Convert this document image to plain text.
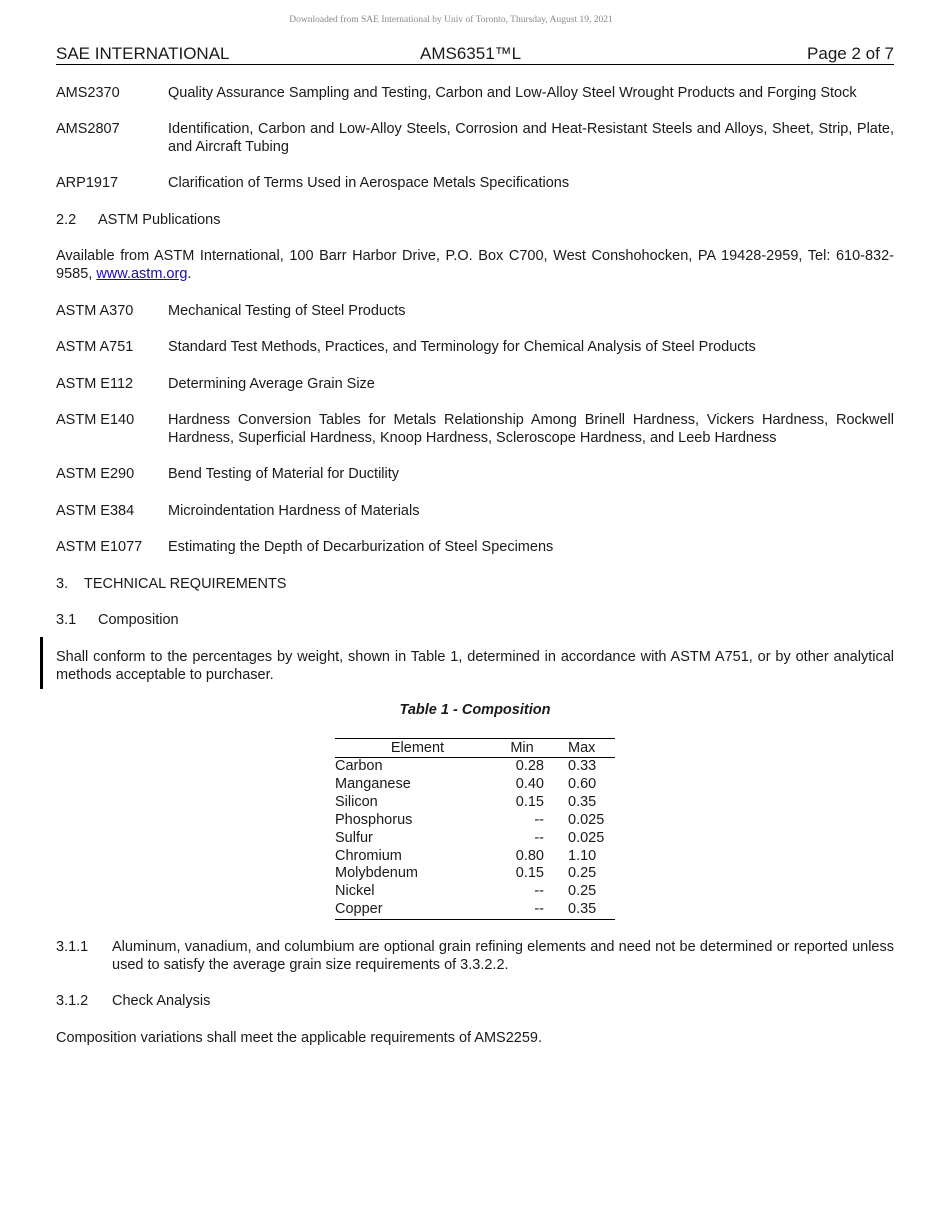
Downloaded from SAE International by Univ of Toronto, Thursday, August 19, 2021
SAE INTERNATIONAL	AMS6351™L	Page 2 of 7
AMS2370	Quality Assurance Sampling and Testing, Carbon and Low-Alloy Steel Wrought Products and Forging Stock
AMS2807	Identification, Carbon and Low-Alloy Steels, Corrosion and Heat-Resistant Steels and Alloys, Sheet, Strip, Plate, and Aircraft Tubing
ARP1917	Clarification of Terms Used in Aerospace Metals Specifications
2.2 ASTM Publications
Available from ASTM International, 100 Barr Harbor Drive, P.O. Box C700, West Conshohocken, PA 19428-2959, Tel: 610-832-9585, www.astm.org.
ASTM A370 Mechanical Testing of Steel Products
ASTM A751 Standard Test Methods, Practices, and Terminology for Chemical Analysis of Steel Products
ASTM E112 Determining Average Grain Size
ASTM E140 Hardness Conversion Tables for Metals Relationship Among Brinell Hardness, Vickers Hardness, Rockwell Hardness, Superficial Hardness, Knoop Hardness, Scleroscope Hardness, and Leeb Hardness
ASTM E290 Bend Testing of Material for Ductility
ASTM E384 Microindentation Hardness of Materials
ASTM E1077 Estimating the Depth of Decarburization of Steel Specimens
3. TECHNICAL REQUIREMENTS
3.1 Composition
Shall conform to the percentages by weight, shown in Table 1, determined in accordance with ASTM A751, or by other analytical methods acceptable to purchaser.
Table 1 - Composition
Element	Min	Max
Carbon	0.28	0.33
Manganese	0.40	0.60
Silicon	0.15	0.35
Phosphorus	--	0.025
Sulfur	--	0.025
Chromium	0.80	1.10
Molybdenum	0.15	0.25
Nickel	--	0.25
Copper	--	0.35
3.1.1 Aluminum, vanadium, and columbium are optional grain refining elements and need not be determined or reported unless used to satisfy the average grain size requirements of 3.3.2.2.
3.1.2 Check Analysis
Composition variations shall meet the applicable requirements of AMS2259.
